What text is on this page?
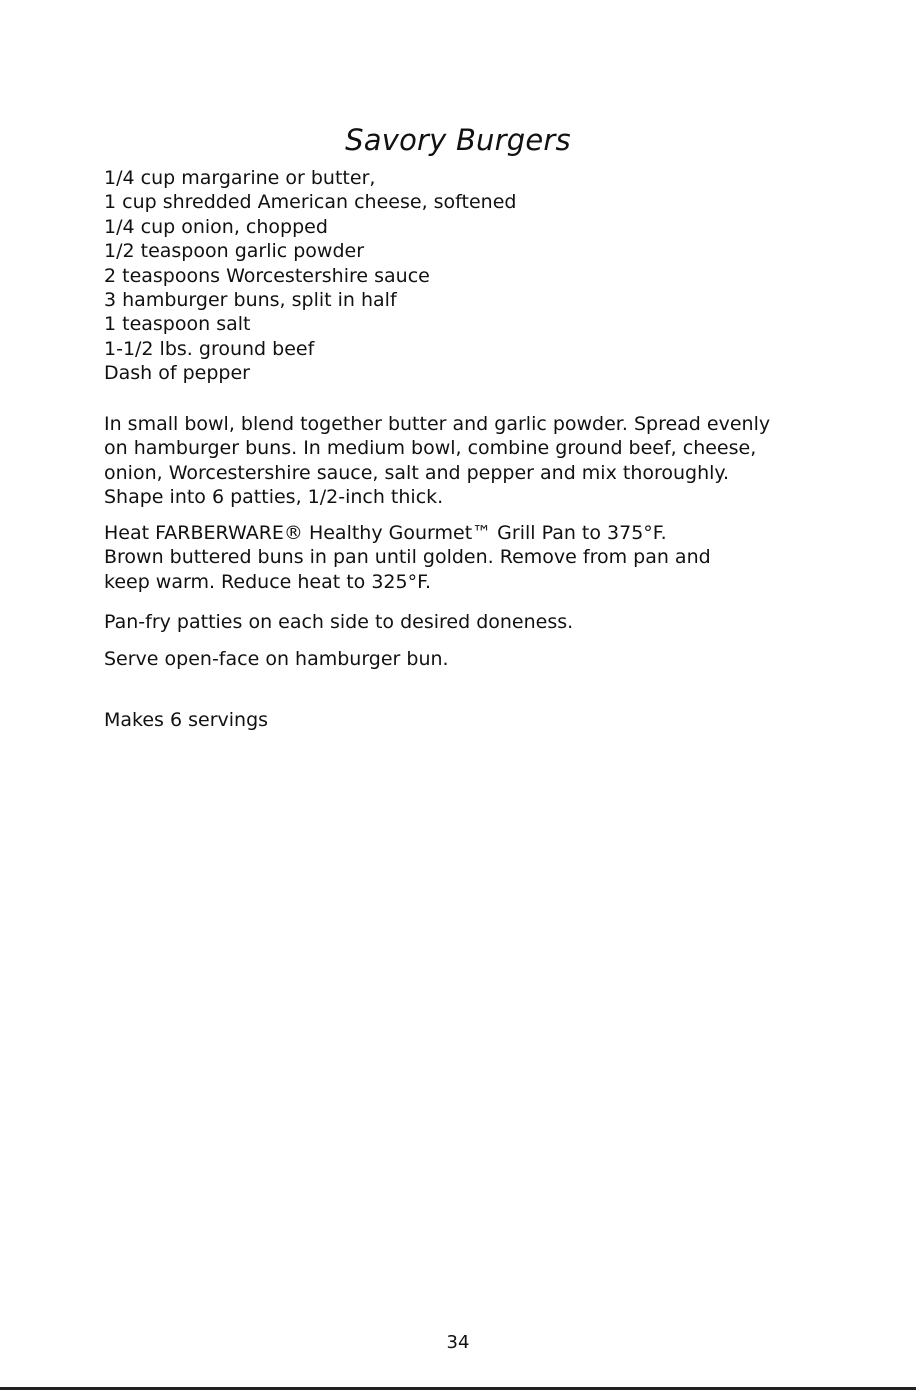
Savory Burgers
1/4 cup margarine or butter,
1 cup shredded American cheese, softened
1/4 cup onion, chopped
1/2 teaspoon garlic powder
2 teaspoons Worcestershire sauce
3 hamburger buns, split in half
1 teaspoon salt
1-1/2 lbs. ground beef
Dash of pepper

In small bowl, blend together butter and garlic powder. Spread evenly
on hamburger buns. In medium bowl, combine ground beef, cheese,
onion, Worcestershire sauce, salt and pepper and mix thoroughly.
Shape into 6 patties, 1/2-inch thick.

Heat FARBERWARE® Healthy Gourmet™ Grill Pan to 375°F.
Brown buttered buns in pan until golden. Remove from pan and
keep warm. Reduce heat to 325°F.

Pan-fry patties on each side to desired doneness.

Serve open-face on hamburger bun.

Makes 6 servings

34
